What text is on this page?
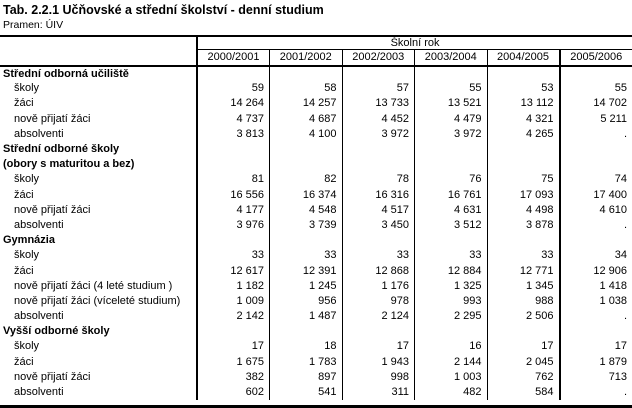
Tab. 2.2.1 Učňovské a střední školství - denní studium
Pramen: ÚIV
	Školní rok					
	2000/2001	2001/2002	2002/2003	2003/2004	2004/2005	2005/2006
Střední odborná učiliště						
školy	59	58	57	55	53	55
žáci	14 264	14 257	13 733	13 521	13 112	14 702
nově přijatí žáci	4 737	4 687	4 452	4 479	4 321	5 211
absolventi	3 813	4 100	3 972	3 972	4 265	.
Střední odborné školy						
(obory s maturitou a bez)						
školy	81	82	78	76	75	74
žáci	16 556	16 374	16 316	16 761	17 093	17 400
nově přijatí žáci	4 177	4 548	4 517	4 631	4 498	4 610
absolventi	3 976	3 739	3 450	3 512	3 878	.
Gymnázia						
školy	33	33	33	33	33	34
žáci	12 617	12 391	12 868	12 884	12 771	12 906
nově přijatí žáci (4 leté studium )	1 182	1 245	1 176	1 325	1 345	1 418
nově přijatí žáci (víceleté studium)	1 009	956	978	993	988	1 038
absolventi	2 142	1 487	2 124	2 295	2 506	.
Vyšší odborné školy						
školy	17	18	17	16	17	17
žáci	1 675	1 783	1 943	2 144	2 045	1 879
nově přijatí žáci	382	897	998	1 003	762	713
absolventi	602	541	311	482	584	.
